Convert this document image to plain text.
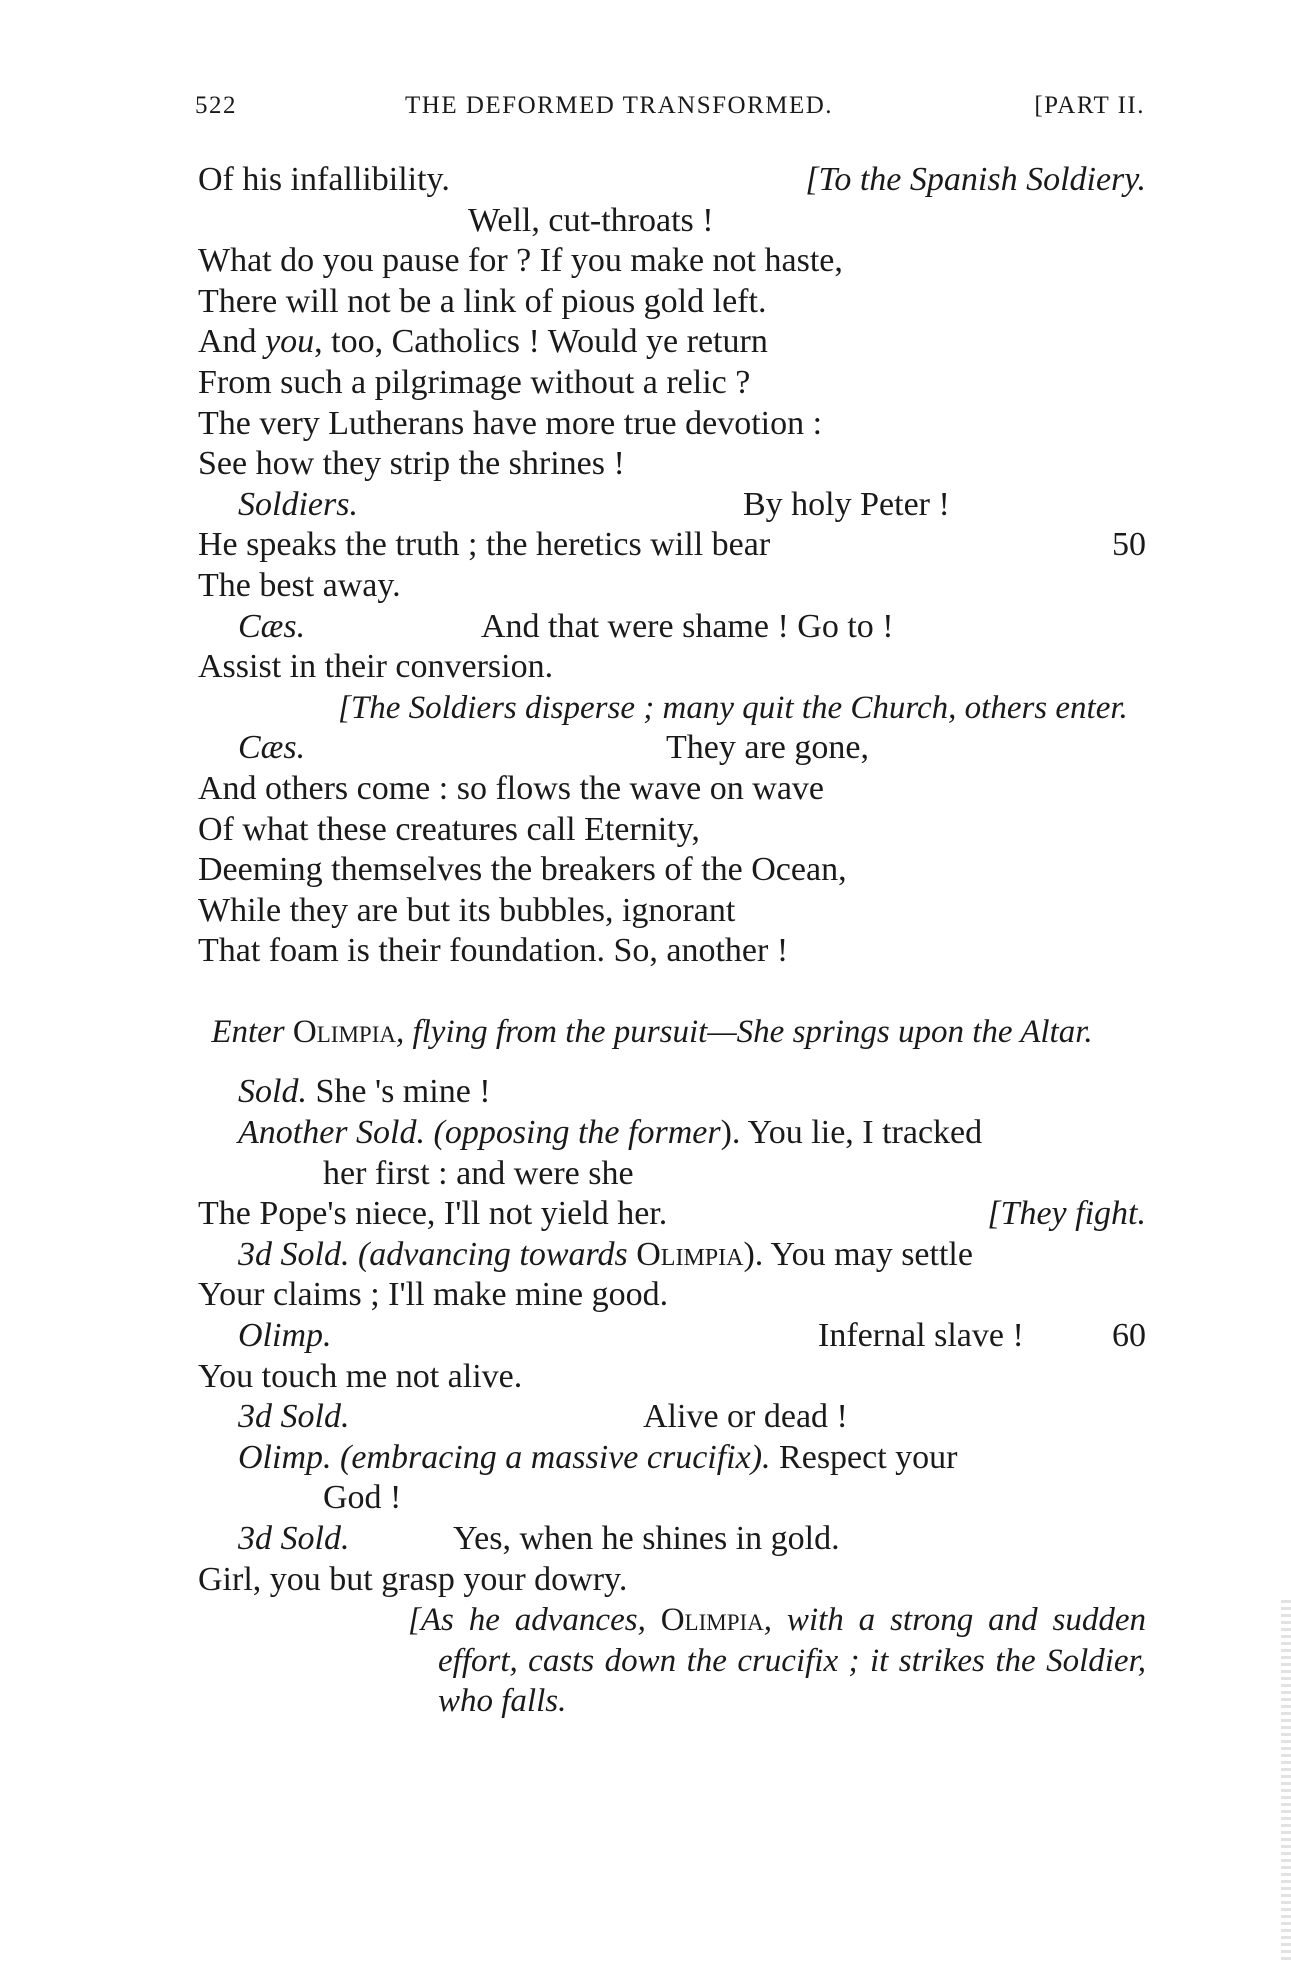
522	THE DEFORMED TRANSFORMED.	[PART II.
Of his infallibility.	[To the Spanish Soldiery.
Well, cut-throats !
What do you pause for ? If you make not haste,
There will not be a link of pious gold left.
And you, too, Catholics ! Would ye return
From such a pilgrimage without a relic ?
The very Lutherans have more true devotion :
See how they strip the shrines !
Soldiers.	By holy Peter !
He speaks the truth ; the heretics will bear	50
The best away.
Cæs.	And that were shame ! Go to !
Assist in their conversion.
[The Soldiers disperse ; many quit the Church, others enter.
Cæs.	They are gone,
And others come : so flows the wave on wave
Of what these creatures call Eternity,
Deeming themselves the breakers of the Ocean,
While they are but its bubbles, ignorant
That foam is their foundation. So, another !
Enter Olimpia, flying from the pursuit—She springs upon the Altar.
Sold. She 's mine !
Another Sold. (opposing the former). You lie, I tracked
her first : and were she
The Pope's niece, I'll not yield her.	[They fight.
3d Sold. (advancing towards Olimpia). You may settle
Your claims ; I'll make mine good.
Olimp.	Infernal slave !	60
You touch me not alive.
3d Sold.	Alive or dead !
Olimp. (embracing a massive crucifix). Respect your
God !
3d Sold.	Yes, when he shines in gold.
Girl, you but grasp your dowry.
[As he advances, Olimpia, with a strong and sudden effort, casts down the crucifix ; it strikes the Soldier, who falls.
